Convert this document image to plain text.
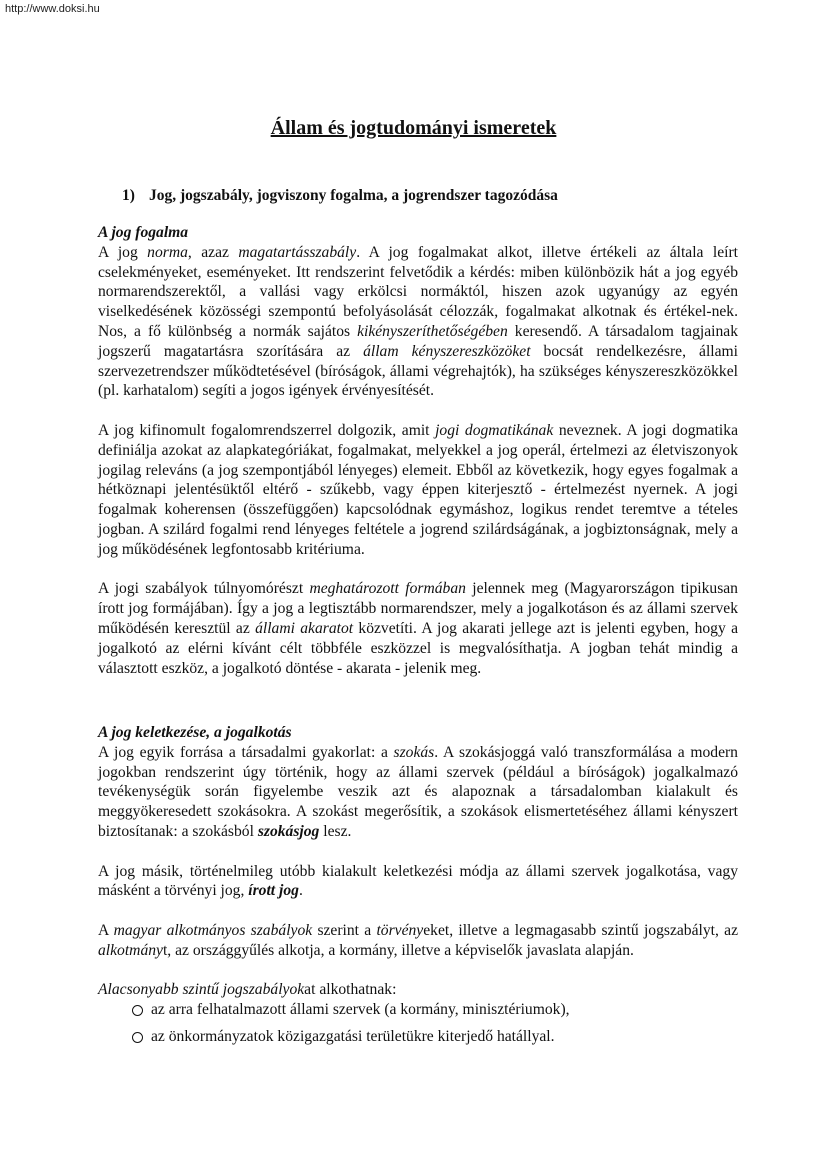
http://www.doksi.hu
Állam és jogtudományi ismeretek
1) Jog, jogszabály, jogviszony fogalma, a jogrendszer tagozódása

A jog fogalma

A jog norma, azaz magatartásszabály. A jog fogalmakat alkot, illetve értékeli az általa leírt cselekményeket, eseményeket. Itt rendszerint felvetődik a kérdés: miben különbözik hát a jog egyéb normarendszerektől, a vallási vagy erkölcsi normáktól, hiszen azok ugyanúgy az egyén viselkedésének közösségi szempontú befolyásolását célozzák, fogalmakat alkotnak és értékel-nek. Nos, a fő különbség a normák sajátos kikényszeríthetőségében keresendő. A társadalom tagjainak jogszerű magatartásra szorítására az állam kényszereszközöket bocsát rendelkezésre, állami szervezetrendszer működtetésével (bíróságok, állami végrehajtók), ha szükséges kényszereszközökkel (pl. karhatalom) segíti a jogos igények érvényesítését.

A jog kifinomult fogalomrendszerrel dolgozik, amit jogi dogmatikának neveznek. A jogi dogmatika definiálja azokat az alapkategóriákat, fogalmakat, melyekkel a jog operál, értelmezi az életviszonyok jogilag releváns (a jog szempontjából lényeges) elemeit. Ebből az következik, hogy egyes fogalmak a hétköznapi jelentésüktől eltérő - szűkebb, vagy éppen kiterjesztő - értelmezést nyernek. A jogi fogalmak koherensen (összefüggően) kapcsolódnak egymáshoz, logikus rendet teremtve a tételes jogban. A szilárd fogalmi rend lényeges feltétele a jogrend szilárdságának, a jogbiztonságnak, mely a jog működésének legfontosabb kritériuma.

A jogi szabályok túlnyomórészt meghatározott formában jelennek meg (Magyarországon tipikusan írott jog formájában). Így a jog a legtisztább normarendszer, mely a jogalkotáson és az állami szervek működésén keresztül az állami akaratot közvetíti. A jog akarati jellege azt is jelenti egyben, hogy a jogalkotó az elérni kívánt célt többféle eszközzel is megvalósíthatja. A jogban tehát mindig a választott eszköz, a jogalkotó döntése - akarata - jelenik meg.

A jog keletkezése, a jogalkotás

A jog egyik forrása a társadalmi gyakorlat: a szokás. A szokásjoggá való transzformálása a modern jogokban rendszerint úgy történik, hogy az állami szervek (például a bíróságok) jogalkalmazó tevékenységük során figyelembe veszik azt és alapoznak a társadalomban kialakult és meggyökeresedett szokásokra. A szokást megerősítik, a szokások elismertetéséhez állami kényszert biztosítanak: a szokásból szokásjog lesz.

A jog másik, történelmileg utóbb kialakult keletkezési módja az állami szervek jogalkotása, vagy másként a törvényi jog, írott jog.

A magyar alkotmányos szabályok szerint a törvényeket, illetve a legmagasabb szintű jogszabályt, az alkotmányt, az országgyűlés alkotja, a kormány, illetve a képviselők javaslata alapján.

Alacsonyabb szintű jogszabályokat alkothatnak:

az arra felhatalmazott állami szervek (a kormány, minisztériumok),
az önkormányzatok közigazgatási területükre kiterjedő hatállyal.
